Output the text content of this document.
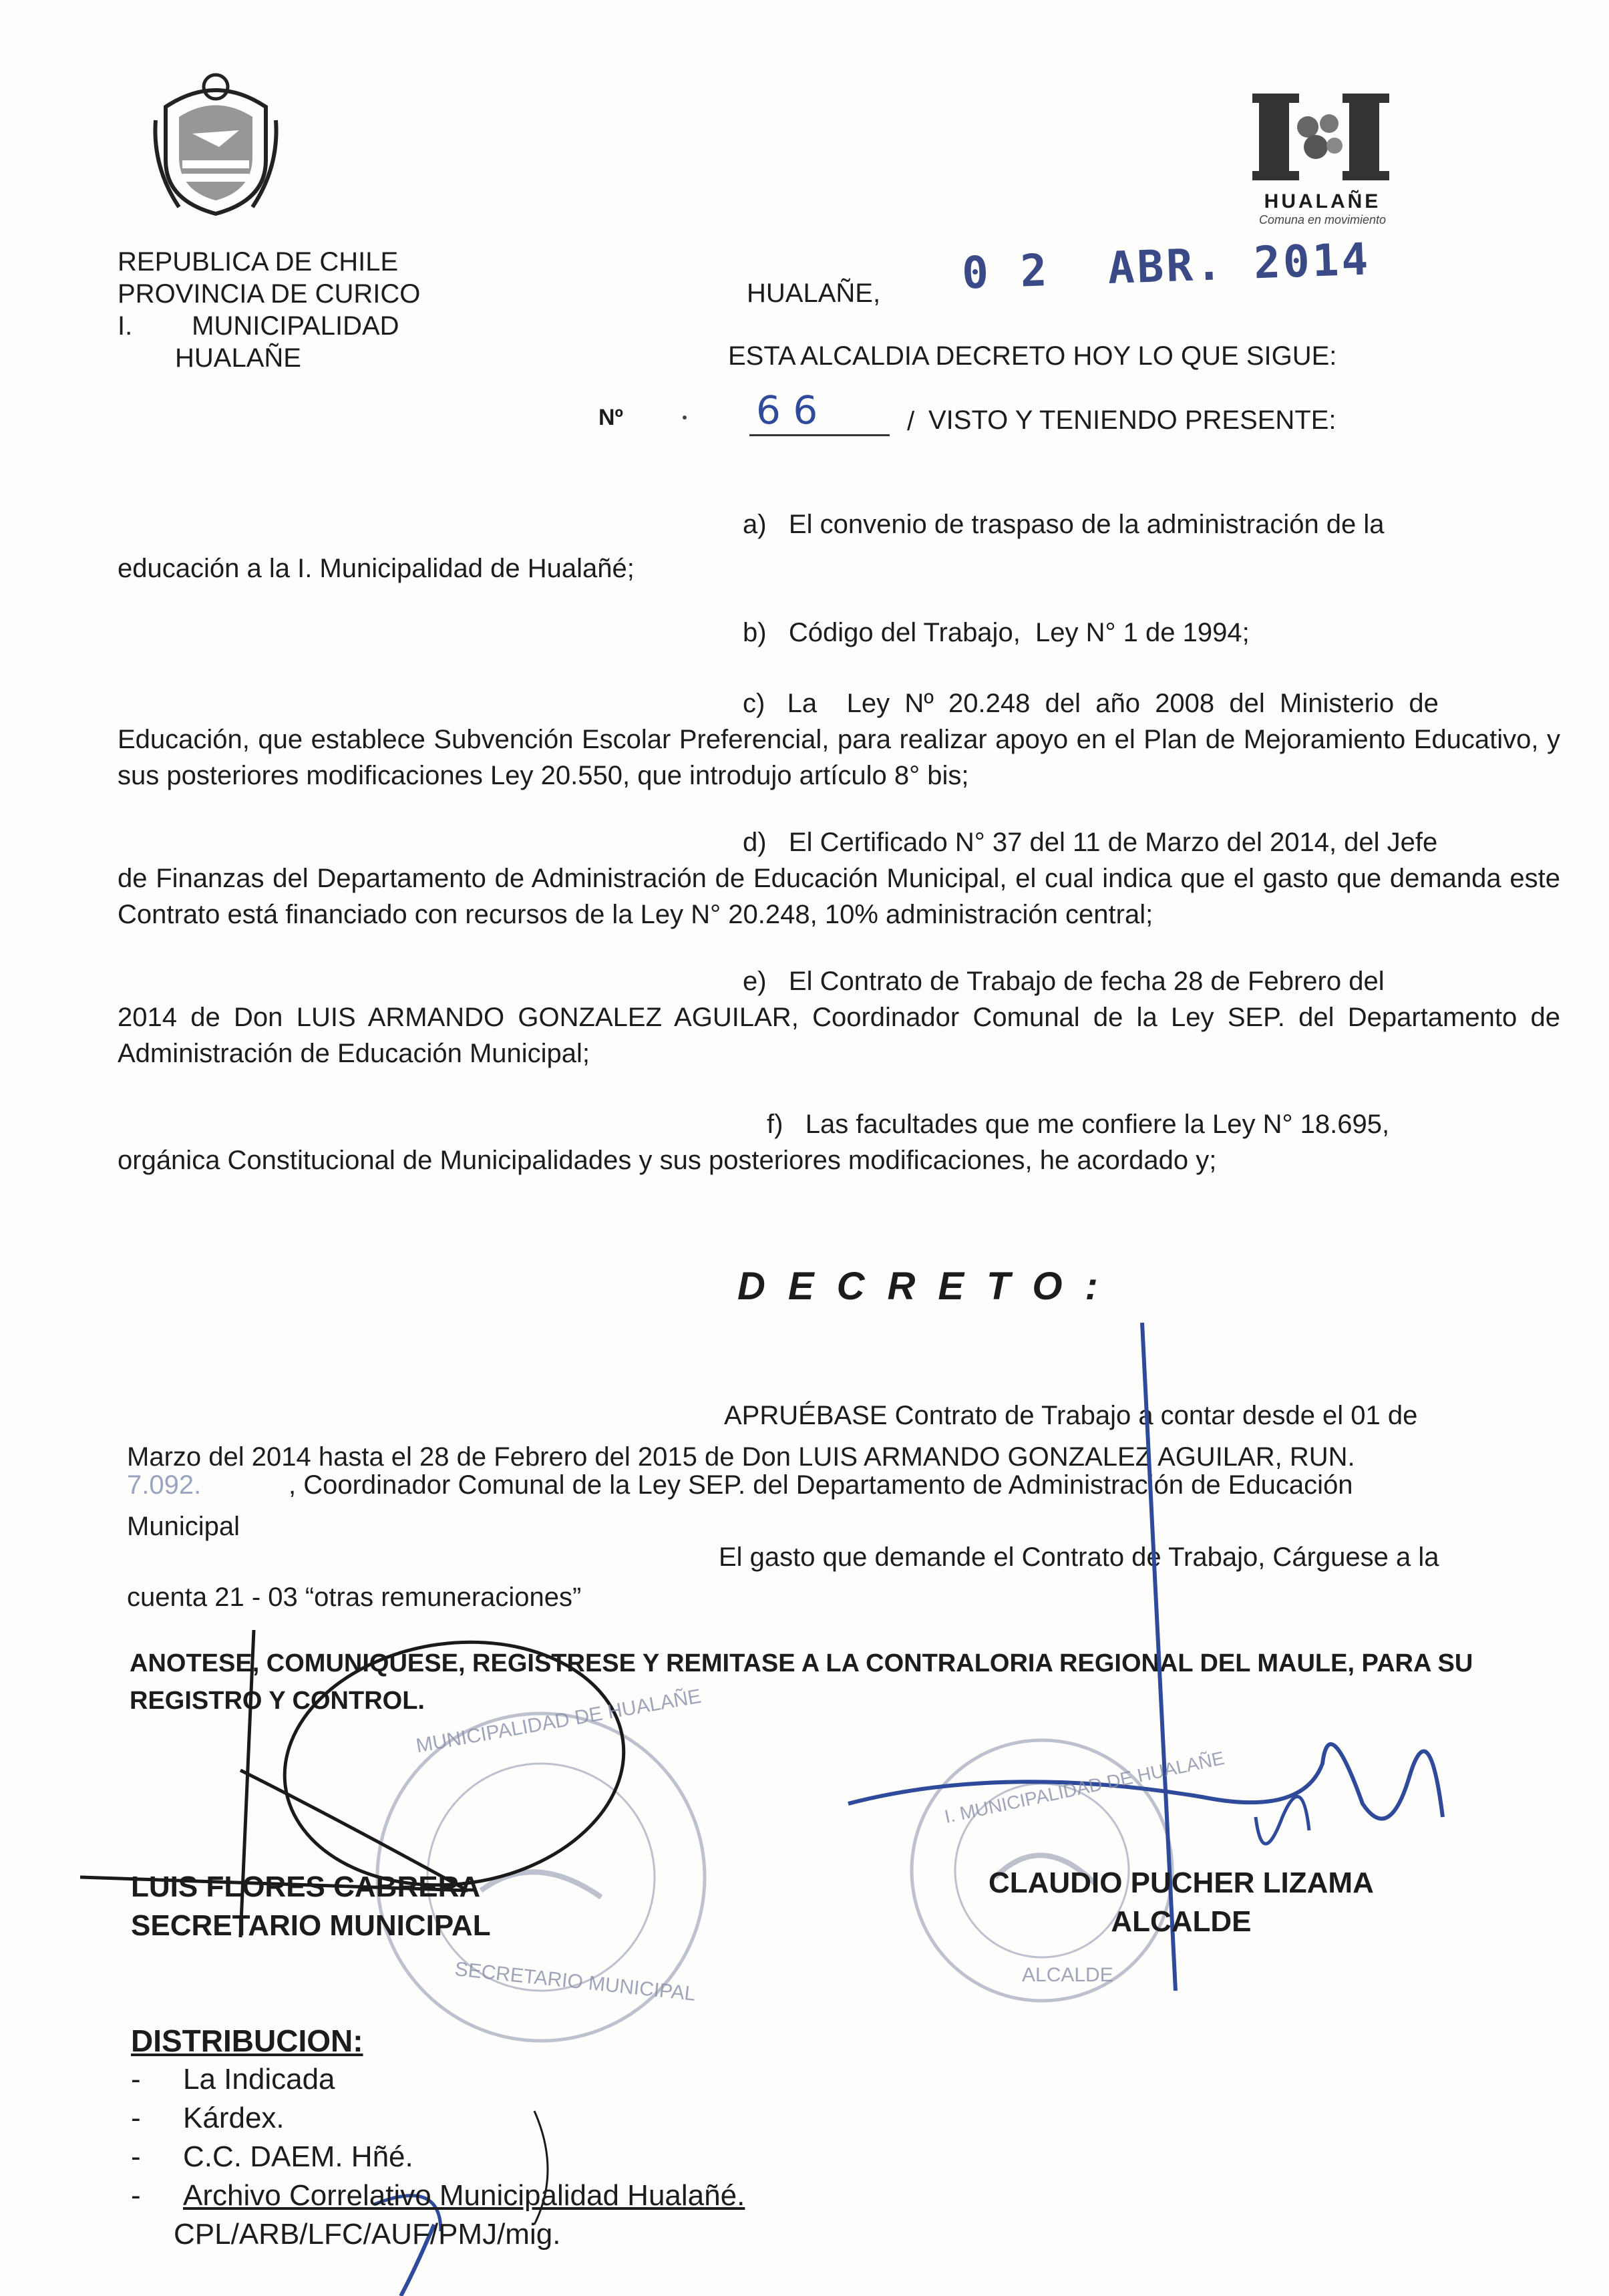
HUALAÑE
Comuna en movimiento
REPUBLICA DE CHILE
PROVINCIA DE CURICO
I.        MUNICIPALIDAD
HUALAÑE
HUALAÑE, 0 2  ABR. 2014
ESTA ALCALDIA DECRETO HOY LO QUE SIGUE:
Nº	6 6	/ VISTO Y TENIENDO PRESENTE:
a)   El convenio de traspaso de la administración de la
educación a la I. Municipalidad de Hualañé;
b)   Código del Trabajo,  Ley N° 1 de 1994;
c)   La    Ley  Nº  20.248  del  año  2008  del  Ministerio  de
Educación, que establece Subvención Escolar Preferencial, para realizar apoyo en el Plan de Mejoramiento Educativo, y sus posteriores modificaciones Ley 20.550, que introdujo artículo 8° bis;
d)   El Certificado N° 37 del 11 de Marzo del 2014, del Jefe
de Finanzas del Departamento de Administración de Educación Municipal, el cual indica que el gasto que demanda este Contrato está financiado con recursos de la Ley N° 20.248, 10% administración central;
e)   El Contrato de Trabajo de fecha 28 de Febrero del
2014 de Don LUIS ARMANDO GONZALEZ AGUILAR, Coordinador Comunal de la Ley SEP. del Departamento de Administración de Educación Municipal;
f)   Las facultades que me confiere la Ley N° 18.695,
orgánica Constitucional de Municipalidades y sus posteriores modificaciones, he acordado y;
DECRETO:
APRUÉBASE Contrato de Trabajo a contar desde el 01 de
Marzo del 2014 hasta el 28 de Febrero del 2015 de Don LUIS ARMANDO GONZALEZ AGUILAR, RUN.
7.092.	, Coordinador Comunal de la Ley SEP. del Departamento de Administración de Educación
Municipal
El gasto que demande el Contrato de Trabajo, Cárguese a la
cuenta 21 - 03 “otras remuneraciones”
ANOTESE, COMUNIQUESE, REGISTRESE Y REMITASE A LA CONTRALORIA REGIONAL DEL MAULE, PARA SU REGISTRO Y CONTROL.
MUNICIPALIDAD DE HUALAÑE
SECRETARIO MUNICIPAL
I. MUNICIPALIDAD DE HUALAÑE
ALCALDE
LUIS FLORES CABRERA
SECRETARIO MUNICIPAL
CLAUDIO PUCHER LIZAMA
ALCALDE
DISTRIBUCION:
- La Indicada
- Kárdex.
- C.C. DAEM. Hñé.
- Archivo Correlativo Municipalidad Hualañé.
CPL/ARB/LFC/AUF/PMJ/mig.
